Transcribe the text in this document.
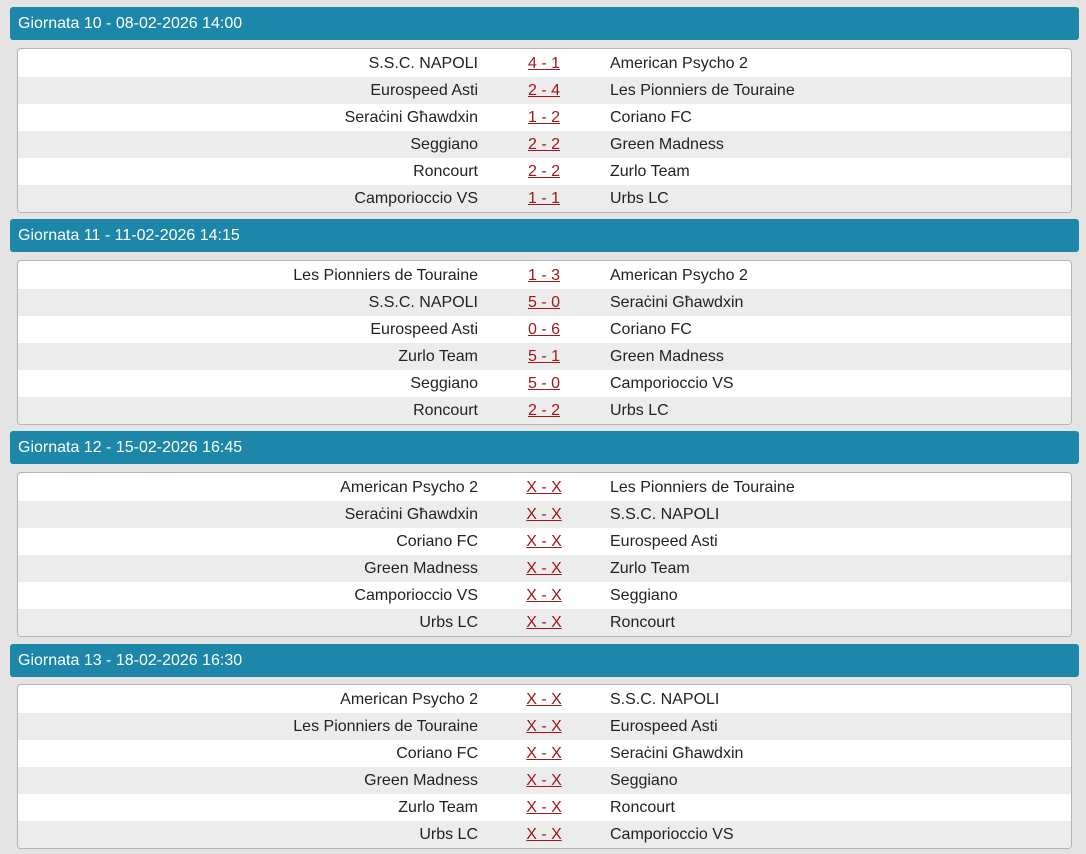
Giornata 10 - 08-02-2026 14:00
S.S.C. NAPOLI	4 - 1	American Psycho 2
Eurospeed Asti	2 - 4	Les Pionniers de Touraine
Seraċini Għawdxin	1 - 2	Coriano FC
Seggiano	2 - 2	Green Madness
Roncourt	2 - 2	Zurlo Team
Camporioccio VS	1 - 1	Urbs LC
Giornata 11 - 11-02-2026 14:15
Les Pionniers de Touraine	1 - 3	American Psycho 2
S.S.C. NAPOLI	5 - 0	Seraċini Għawdxin
Eurospeed Asti	0 - 6	Coriano FC
Zurlo Team	5 - 1	Green Madness
Seggiano	5 - 0	Camporioccio VS
Roncourt	2 - 2	Urbs LC
Giornata 12 - 15-02-2026 16:45
American Psycho 2	X - X	Les Pionniers de Touraine
Seraċini Għawdxin	X - X	S.S.C. NAPOLI
Coriano FC	X - X	Eurospeed Asti
Green Madness	X - X	Zurlo Team
Camporioccio VS	X - X	Seggiano
Urbs LC	X - X	Roncourt
Giornata 13 - 18-02-2026 16:30
American Psycho 2	X - X	S.S.C. NAPOLI
Les Pionniers de Touraine	X - X	Eurospeed Asti
Coriano FC	X - X	Seraċini Għawdxin
Green Madness	X - X	Seggiano
Zurlo Team	X - X	Roncourt
Urbs LC	X - X	Camporioccio VS
